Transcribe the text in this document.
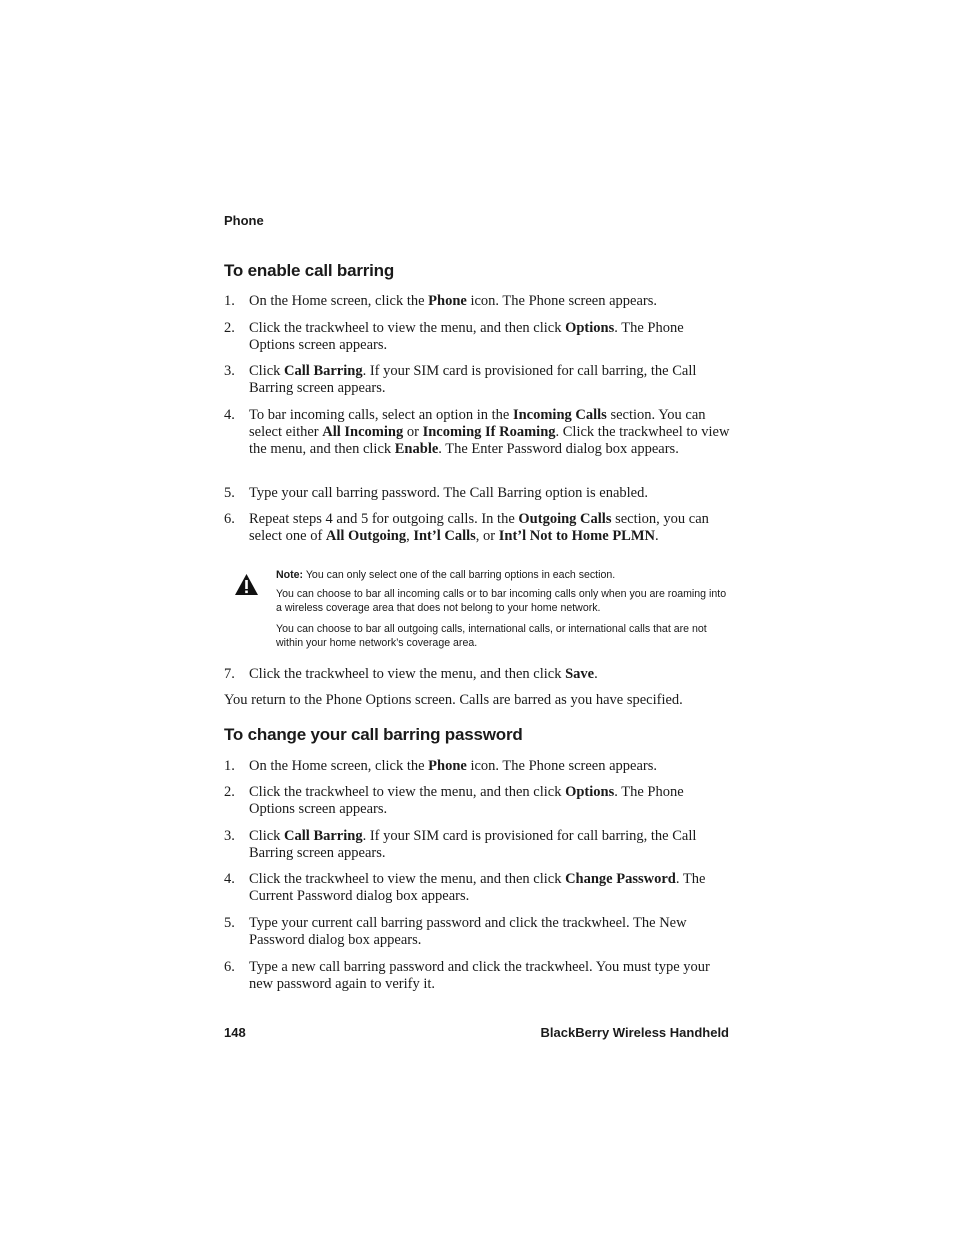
Phone
To enable call barring
1. On the Home screen, click the Phone icon. The Phone screen appears.
2. Click the trackwheel to view the menu, and then click Options. The Phone Options screen appears.
3. Click Call Barring. If your SIM card is provisioned for call barring, the Call Barring screen appears.
4. To bar incoming calls, select an option in the Incoming Calls section. You can select either All Incoming or Incoming If Roaming. Click the trackwheel to view the menu, and then click Enable. The Enter Password dialog box appears.
5. Type your call barring password. The Call Barring option is enabled.
6. Repeat steps 4 and 5 for outgoing calls. In the Outgoing Calls section, you can select one of All Outgoing, Int’l Calls, or Int’l Not to Home PLMN.
Note: You can only select one of the call barring options in each section.
You can choose to bar all incoming calls or to bar incoming calls only when you are roaming into a wireless coverage area that does not belong to your home network.
You can choose to bar all outgoing calls, international calls, or international calls that are not within your home network’s coverage area.
7. Click the trackwheel to view the menu, and then click Save.
You return to the Phone Options screen. Calls are barred as you have specified.
To change your call barring password
1. On the Home screen, click the Phone icon. The Phone screen appears.
2. Click the trackwheel to view the menu, and then click Options. The Phone Options screen appears.
3. Click Call Barring. If your SIM card is provisioned for call barring, the Call Barring screen appears.
4. Click the trackwheel to view the menu, and then click Change Password. The Current Password dialog box appears.
5. Type your current call barring password and click the trackwheel. The New Password dialog box appears.
6. Type a new call barring password and click the trackwheel. You must type your new password again to verify it.
148	BlackBerry Wireless Handheld
